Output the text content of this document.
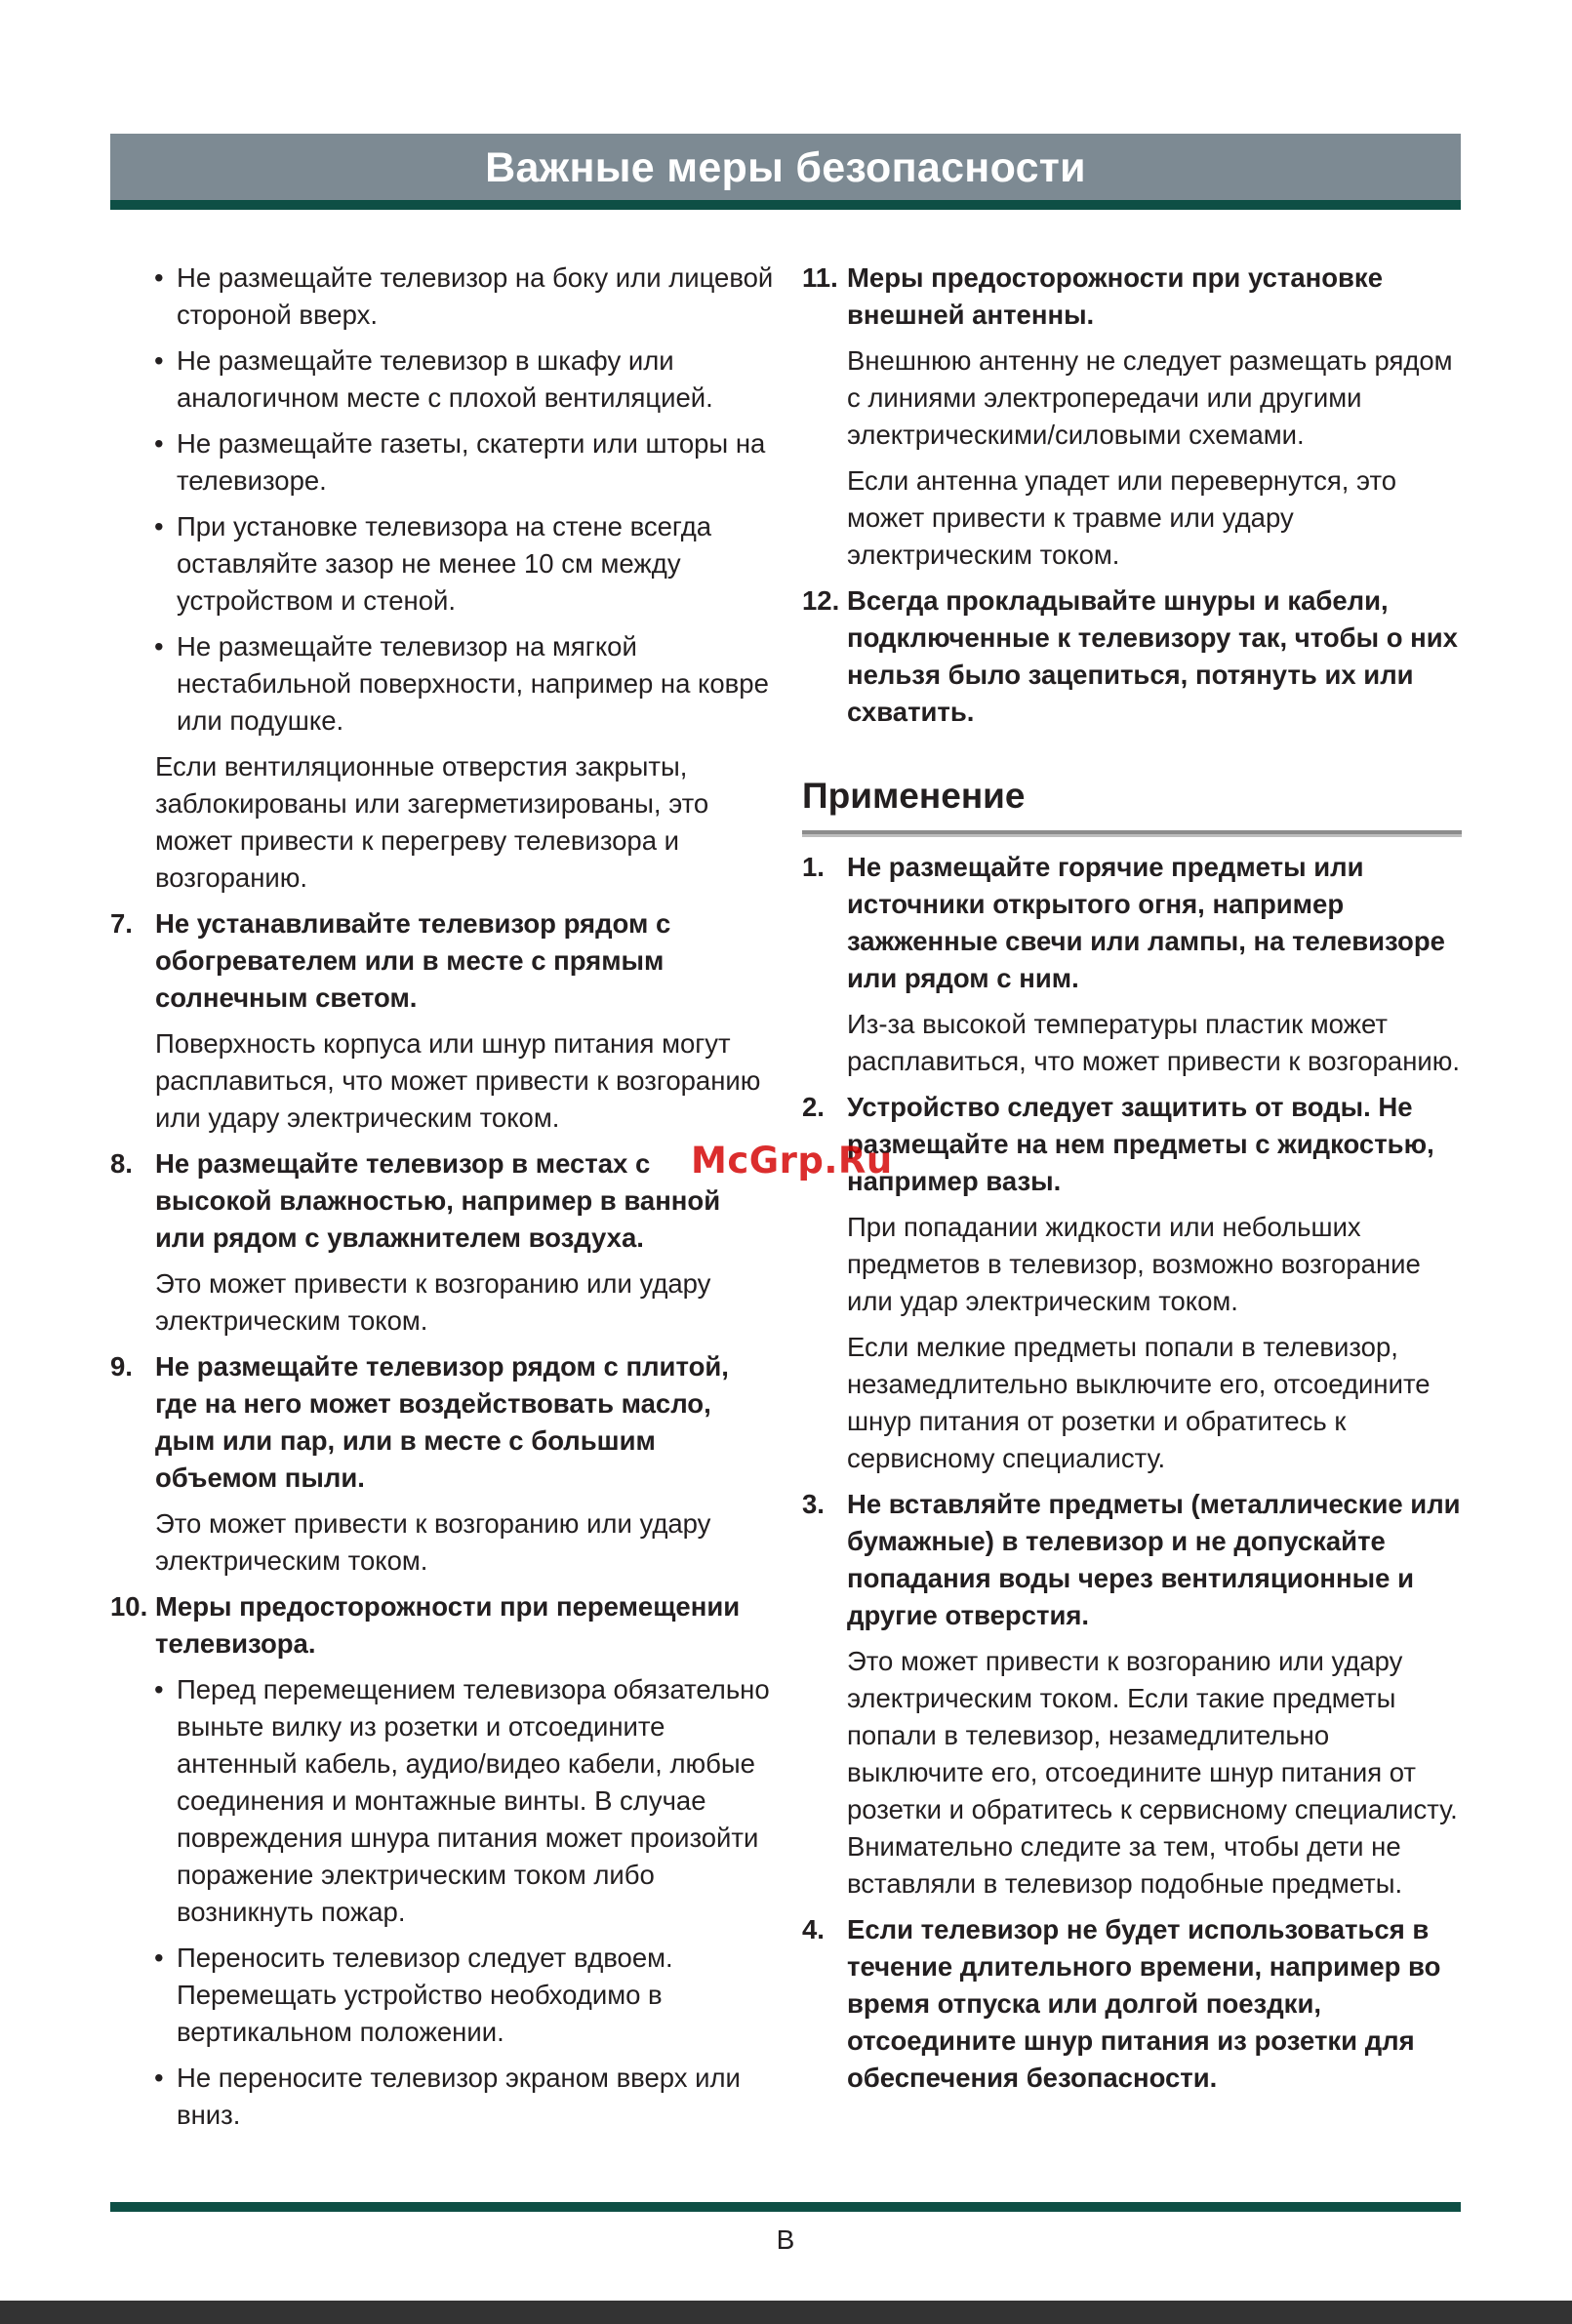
Важные меры безопасности
• Не размещайте телевизор на боку или лицевой стороной вверх.
• Не размещайте телевизор в шкафу или аналогичном месте с плохой вентиляцией.
• Не размещайте газеты, скатерти или шторы на телевизоре.
• При установке телевизора на стене всегда оставляйте зазор не менее 10 см между устройством и стеной.
• Не размещайте телевизор на мягкой нестабильной поверхности, например на ковре или подушке.

Если вентиляционные отверстия закрыты, заблокированы или загерметизированы, это может привести к перегреву телевизора и возгоранию.

7. Не устанавливайте телевизор рядом с обогревателем или в месте с прямым солнечным светом.

Поверхность корпуса или шнур питания могут расплавиться, что может привести к возгоранию или удару электрическим током.

8. Не размещайте телевизор в местах с высокой влажностью, например в ванной или рядом с увлажнителем воздуха.

Это может привести к возгоранию или удару электрическим током.

9. Не размещайте телевизор рядом с плитой, где на него может воздействовать масло, дым или пар, или в месте с большим объемом пыли.

Это может привести к возгоранию или удару электрическим током.

10. Меры предосторожности при перемещении телевизора.
• Перед перемещением телевизора обязательно выньте вилку из розетки и отсоедините антенный кабель, аудио/видео кабели, любые соединения и монтажные винты. В случае повреждения шнура питания может произойти поражение электрическим током либо возникнуть пожар.
• Переносить телевизор следует вдвоем. Перемещать устройство необходимо в вертикальном положении.
• Не переносите телевизор экраном вверх или вниз.
11. Меры предосторожности при установке внешней антенны.

Внешнюю антенну не следует размещать рядом с линиями электропередачи или другими электрическими/силовыми схемами.

Если антенна упадет или перевернутся, это может привести к травме или удару электрическим током.

12. Всегда прокладывайте шнуры и кабели, подключенные к телевизору так, чтобы о них нельзя было зацепиться, потянуть их или схватить.
Применение
1. Не размещайте горячие предметы или источники открытого огня, например зажженные свечи или лампы, на телевизоре или рядом с ним.

Из-за высокой температуры пластик может расплавиться, что может привести к возгоранию.

2. Устройство следует защитить от воды. Не размещайте на нем предметы с жидкостью, например вазы.

При попадании жидкости или небольших предметов в телевизор, возможно возгорание или удар электрическим током.

Если мелкие предметы попали в телевизор, незамедлительно выключите его, отсоедините шнур питания от розетки и обратитесь к сервисному специалисту.

3. Не вставляйте предметы (металлические или бумажные) в телевизор и не допускайте попадания воды через вентиляционные и другие отверстия.

Это может привести к возгоранию или удару электрическим током. Если такие предметы попали в телевизор, незамедлительно выключите его, отсоедините шнур питания от розетки и обратитесь к сервисному специалисту. Внимательно следите за тем, чтобы дети не вставляли в телевизор подобные предметы.

4. Если телевизор не будет использоваться в течение длительного времени, например во время отпуска или долгой поездки, отсоедините шнур питания из розетки для обеспечения безопасности.
McGrp.Ru
B
